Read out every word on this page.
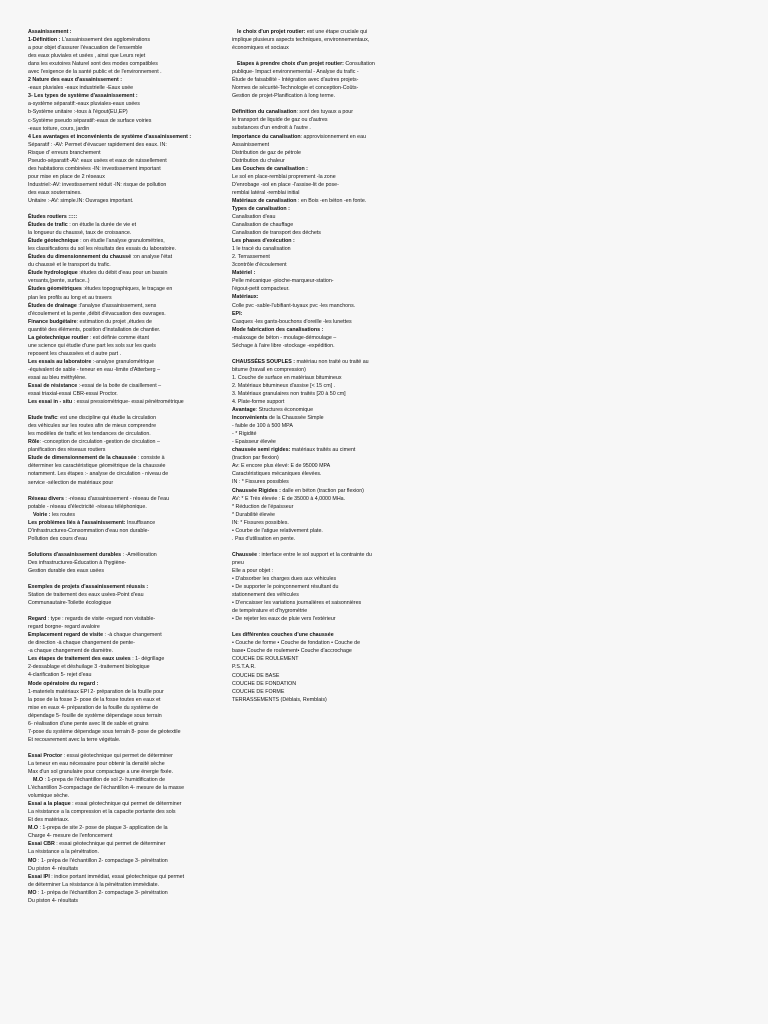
Assainissement :
1-Définition : L'assainissement des agglomérations
a pour objet d'assurer l'évacuation de l'ensemble
des eaux pluviales et usées , ainsi que Leurs rejet
dans les exutoires Naturel sont des modes compatibles
avec l'exigence de la santé public et de l'environnement .
2 Nature des eaux d'assainissement :
-eaux pluviales -eaux industrielle -Eaux usée
3- Les types de système d'assainissement :
a-système séparatif:-eaux pluviales-eaux usées
b-Système unitaire :-tous à l'égout(EU,EP)
c-Système pseudo séparatif:-eaux de surface voiries
-eaux toiture, cours, jardin
4 Les avantages et inconvénients de système d'assainissement :
Séparatif : -AV: Permet d'évacuer rapidement des eaux. IN:
Risque d' erreurs branchement
Pseudo-séparatif:-AV: eaux usées et eaux de ruissellement
des habitations combinées -IN: investissement important
pour mise en place de 2 réseaux
Industriel:-AV: investissement réduit -IN: risque de pollution
des eaux souterraines.
Unitaire :-AV: simple.IN: Ouvrages important.
Études routiers :::::
Études de trafic : on étudie la durée de vie et
la longueur du chaussé, taux de croissance.
Étude géotechnique : on étudie l'analyse granulométries,
les classifications du sol les résultats des essais du laboratoire.
Études du dimensionnement du chaussé :on analyse l'état
du chaussé et le transport du trafic.
Étude hydrologique :études du débit d'eau pour un bassin
versants,(pente, surface..)
Études géométriques :études topographiques, le traçage en
plan les profils au long et au travers
Études de drainage :l'analyse d'assainissement, sens
d'écoulement et la pente ,débit d'évacuation des ouvrages.
Finance budgétaire: estimation du projet ,études de
quantité des éléments, position d'installation de chantier.
La géotechnique routier : est définie comme étant
une science qui étudie d'une part les sols sur les quels
reposent les chaussées et d autre part .
Les essais au laboratoire :-analyse granulométrique
-équivalent de sable - teneur en eau -limite d'Atterberg –
essai au bleu méthylène.
Essai de résistance :-essai de la boite de cisaillement –
essai triaxial-essai CBR-essai Proctor.
Les essai in - situ : essai pressiométrique- essai pénétrométrique
Etude trafic: est une discipline qui étudie la circulation
des véhicules sur les routes afin de mieux comprendre
les modèles de trafic et les tendances de circulation.
Rôle: -conception de circulation -gestion de circulation –
planification des réseaux routiers
Etude de dimensionnement de la chaussée : consiste à
déterminer les caractéristique géométrique de la chaussée
notamment. Les étapes :- analyse de circulation - niveau de
service -sélection de matériaux pour
Réseau divers : -réseau d'assainissement - réseau de l'eau
potable - réseau d'électricité -réseau téléphonique.
Voirie : les routes
Les problèmes liés à l'assainissement: Insuffisance
D'infrastructures-Consommation d'eau non durable-
Pollution des cours d'eau
Solutions d'assainissement durables : -Amélioration
Des infrastructures-Éducation à l'hygiène-
Gestion durable des eaux usées
Exemples de projets d'assainissement réussis :
Station de traitement des eaux usées-Point d'eau
Communautaire-Toilette écologique
Regard : type : regards de visite -regard non visitable-
regard borgne- regard avaloire
Emplacement regard de visite : -à chaque changement
de direction -à chaque changement de pente-
-a chaque changement de diamètre.
Les étapes de traitement des eaux usées : 1- dégrillage
2-dessablage et déshuilage 3 -traitement biologique
4-clarification 5- rejet d'eau
Mode opératoire du regard :
1-materiels matériaux EPI 2- préparation de la fouille pour
la pose de la fosse 3- pose de la fosse toutes en eaux et
mise en eaux 4- préparation de la fouille du système de
dépendage 5- fouille de système dépendage sous terrain
6- réalisation d'une pente avec lit de sable et grains
7-pose du système dépendage sous terrain 8- pose de géotextile
Et recouvrement avec la terre végétale.
Essai Proctor : essai géotechnique qui permet de déterminer
La teneur en eau nécessaire pour obtenir la densité sèche
Max d'un sol granulaire pour compactage a une énergie fixée.
M.O : 1-prepa de l'échantillon de sol 2- humidification de
L'échantillon 3-compactage de l'échantillon 4- mesure de la masse
volumique sèche.
Essai a la plaque : essai géotechnique qui permet de déterminer
La résistance a la compression et la capacite portante des sols
Et des matériaux.
M.O : 1-prepa de site 2- pose de plaque 3- application de la
Charge 4- mesure de l'enfoncement
Essai CBR : essai géotechnique qui permet de déterminer
La résistance a la pénétration.
MO : 1- prépa de l'échantillon 2- compactage 3- pénétration
Du piston 4- résultats
Essai IPI : indice portant immédiat, essai géotechnique qui permet
de déterminer La résistance à la pénétration immédiate.
MO : 1- prépa de l'échantillon 2- compactage 3- pénétration
Du piston 4- résultats
le choix d'un projet routier: est une étape cruciale qui
implique plusieurs aspects techniques, environnementaux,
économiques et sociaux
Etapes à prendre choix d'un projet routier: Consultation
publique- Impact environnemental - Analyse du trafic -
Étude de faisabilité - Intégration avec d'autres projets-
Normes de sécurité-Technologie et conception-Coûts-
Gestion de projet-Planification à long terme.
Définition du canalisation: sont des tuyaux a pour
le transport de liquide de gaz ou d'autres
substances d'un endroit à l'autre .
Importance du canalisation: approvisionnement en eau
Assainissement
Distribution de gaz de pétrole
Distribution du chaleur
Les Couches de canalisation :
Le sol en place-remblai proprement -la zone
D'enrobage -sol en place -l'assise-lit de pose-
remblai latéral -remblai initial
Matériaux de canalisation : en Bois -en béton -en fonte.
Types de canalisation :
Canalisation d'eau
Canalisation de chauffage
Canalisation de transport des déchets
Les phases d'exécution :
1 le tracé du canalisation
2. Terrassement
3contrôle d'écoulement
Matériel :
Pelle mécanique -pioche-marqueur-station-
l'égout-petit compacteur.
Matériaux:
Colle pvc -sable-l'ubifiant-tuyaux pvc -les manchons.
EPI:
Casques -les gants-bouchons d'oreille -les lunettes
Mode fabrication des canalisations :
-malaxage de béton - moulage-démoulage –
Séchage à l'aire libre -stockage -expédition.
CHAUSSÉES SOUPLES : matériau non traité ou traité au
bitume (travail en compression)
1. Couche de surface en matériaux bitumineux
2. Matériaux bitumineux d'assise [< 15 cm] .
3. Matériaux granulaires non traités [20 à 50 cm]
4. Plate-forme support
Avantage: Structures économique
Inconvénients de la Chaussée Simple
- faible de 100 à 500 MPA
- * Rigidité
- Epaisseur élevée
chaussée semi rigides: matériaux traités au ciment
(traction par flexion)
Av: E encore plus élevé: E de 95000 MPA
Caractéristiques mécaniques élevées.
IN : * Fissures possibles
Chaussée Rigides : dalle en béton (traction par flexion)
AV: * E Très élevée : E de 35000 à 4,0000 MHa.
* Réduction de l'épaisseur
* Durabilité élevée
IN: * Fissures possibles.
• Courbe de l'atigue relativement plate.
. Pas d'utilisation en pente.
Chaussée : interface entre le sol support et la contrainte du
pneu
Elle a pour objet :
• D'absorber les charges dues aux véhicules
• De supporter le poinçonnement résultant du
stationnement des véhicules
• D'encaisser les variations journalières et saisonnières
de température et d'hygrométrie
• De rejeter les eaux de pluie vers l'extérieur
Les différentes couches d'une chaussée
• Couche de forme • Couche de fondation • Couche de
base• Couche de roulement• Couche d'accrochage
COUCHE DE ROULEMENT
P.S.T.A.R.
COUCHE DE BASE
COUCHE DE FONDATION
COUCHE DE FORME
TERRASSEMENTS (Déblais, Remblais)
